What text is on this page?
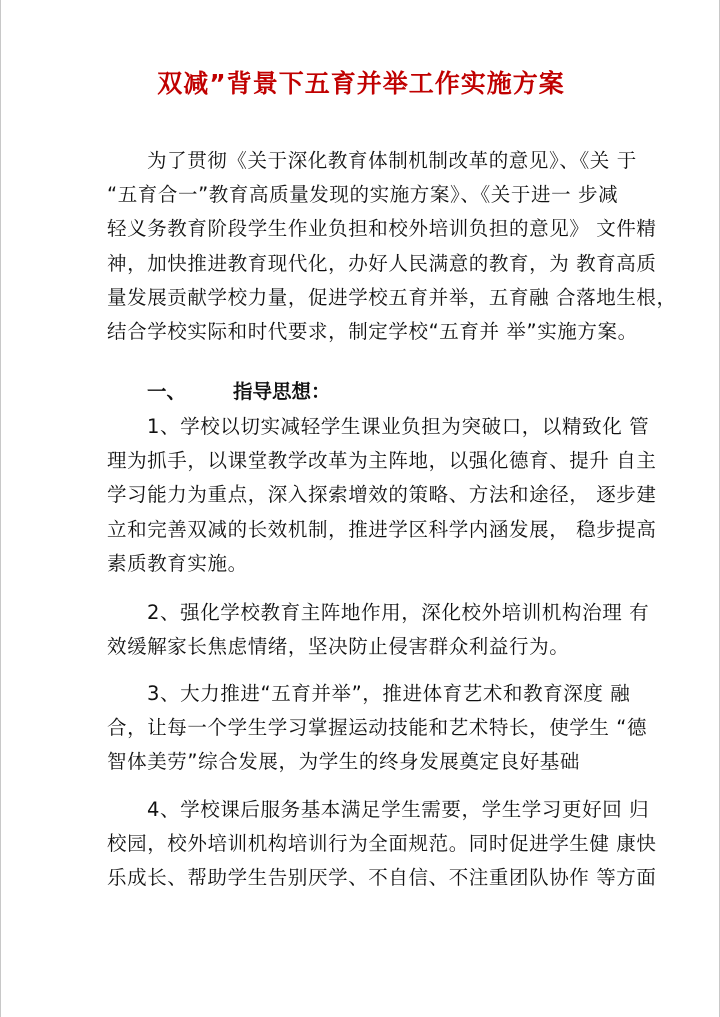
双减”背景下五育并举工作实施方案
为了贯彻《关于深化教育体制机制改革的意见》、《关 于
“五育合一”教育高质量发现的实施方案》、《关于进一 步减
轻义务教育阶段学生作业负担和校外培训负担的意见》 文件精
神，加快推进教育现代化，办好人民满意的教育，为 教育高质
量发展贡献学校力量，促进学校五育并举，五育融 合落地生根，
结合学校实际和时代要求，制定学校“五育并 举”实施方案。
一、 指导思想：
1、学校以切实减轻学生课业负担为突破口，以精致化 管
理为抓手，以课堂教学改革为主阵地，以强化德育、提升 自主
学习能力为重点，深入探索增效的策略、方法和途径， 逐步建
立和完善双减的长效机制，推进学区科学内涵发展， 稳步提高
素质教育实施。
2、强化学校教育主阵地作用，深化校外培训机构治理 有
效缓解家长焦虑情绪，坚决防止侵害群众利益行为。
3、大力推进“五育并举”，推进体育艺术和教育深度 融
合，让每一个学生学习掌握运动技能和艺术特长，使学生 “德
智体美劳”综合发展，为学生的终身发展奠定良好基础
4、学校课后服务基本满足学生需要，学生学习更好回 归
校园，校外培训机构培训行为全面规范。同时促进学生健 康快
乐成长、帮助学生告别厌学、不自信、不注重团队协作 等方面
